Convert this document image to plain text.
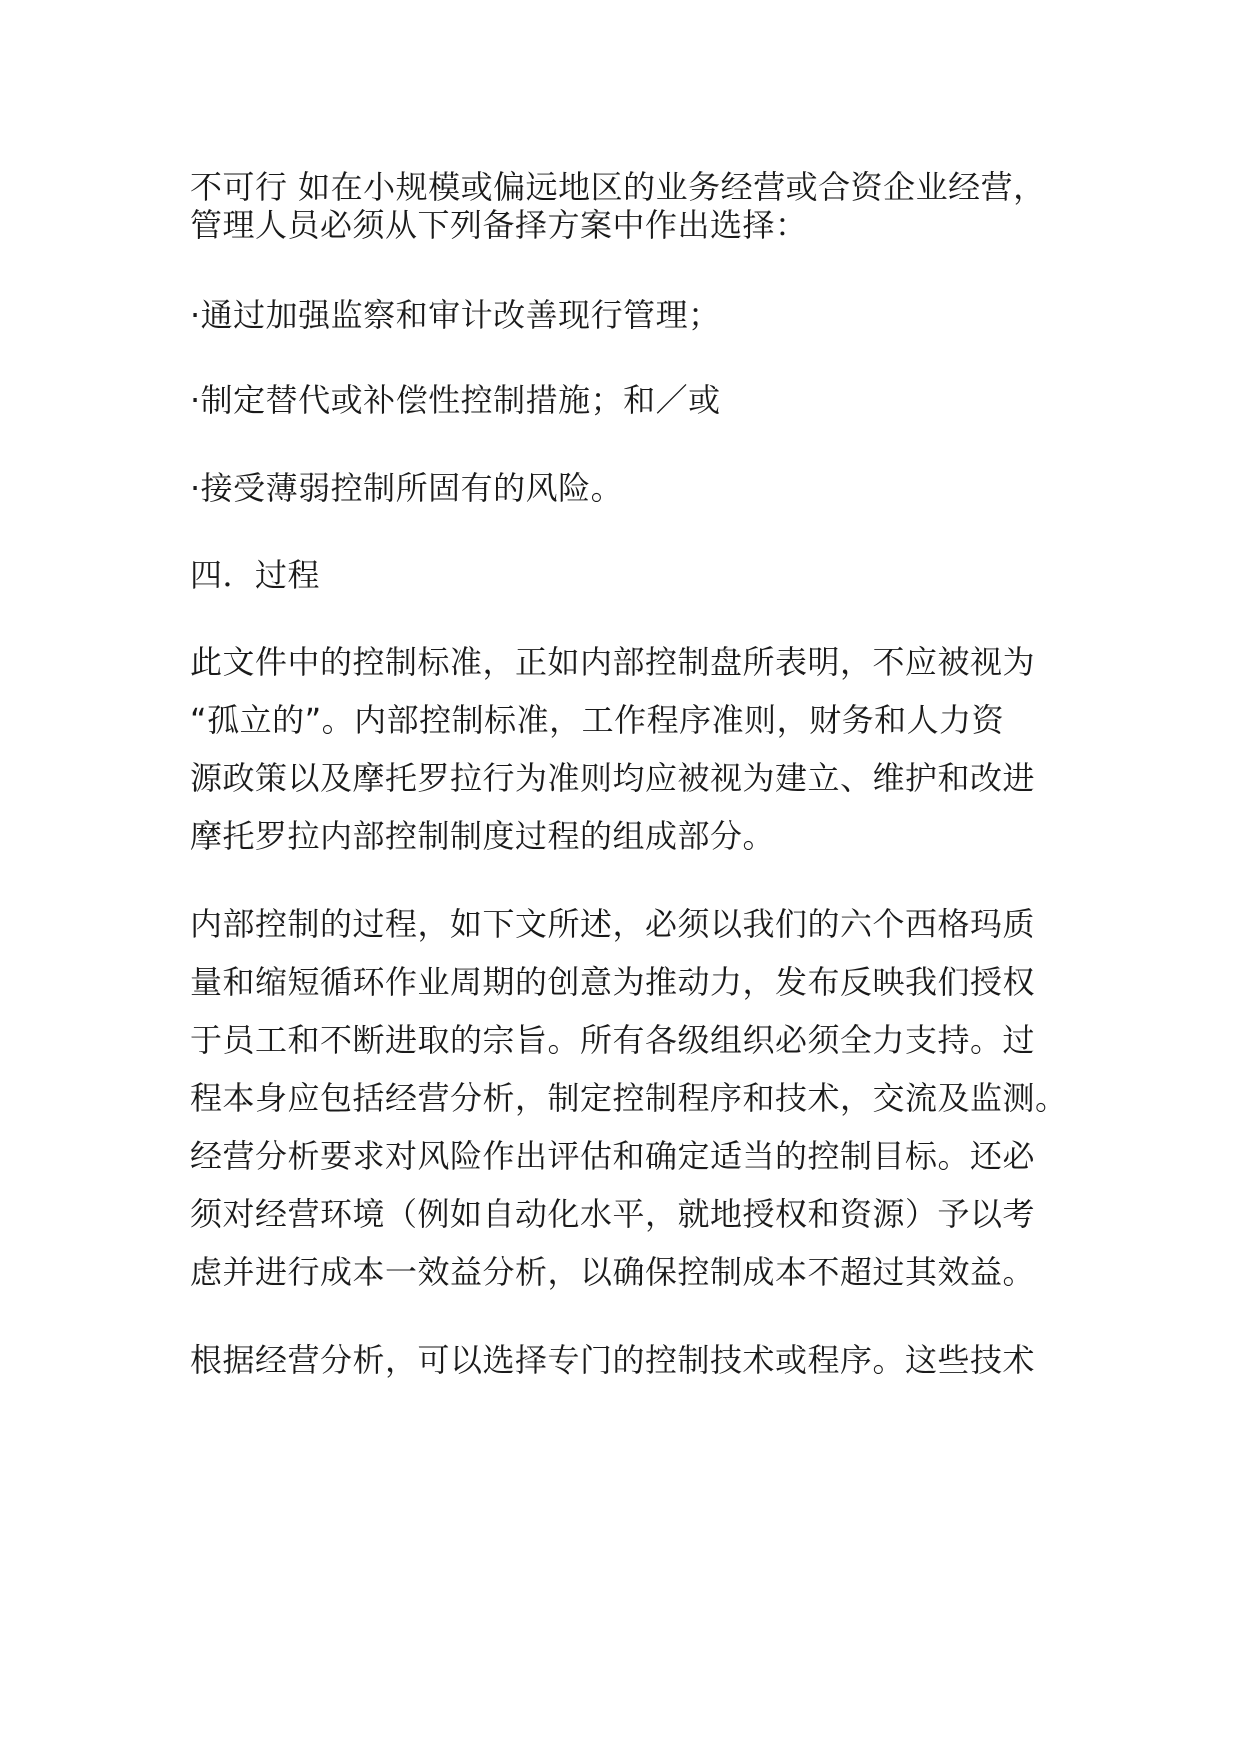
不可行 如在小规模或偏远地区的业务经营或合资企业经营，
管理人员必须从下列备择方案中作出选择：
·通过加强监察和审计改善现行管理；
·制定替代或补偿性控制措施；和／或
·接受薄弱控制所固有的风险。
四．过程
此文件中的控制标准，正如内部控制盘所表明，不应被视为
“孤立的”。内部控制标准，工作程序准则，财务和人力资
源政策以及摩托罗拉行为准则均应被视为建立、维护和改进
摩托罗拉内部控制制度过程的组成部分。
内部控制的过程，如下文所述，必须以我们的六个西格玛质
量和缩短循环作业周期的创意为推动力，发布反映我们授权
于员工和不断进取的宗旨。所有各级组织必须全力支持。过
程本身应包括经营分析，制定控制程序和技术，交流及监测。
经营分析要求对风险作出评估和确定适当的控制目标。还必
须对经营环境（例如自动化水平，就地授权和资源）予以考
虑并进行成本一效益分析，以确保控制成本不超过其效益。
根据经营分析，可以选择专门的控制技术或程序。这些技术
